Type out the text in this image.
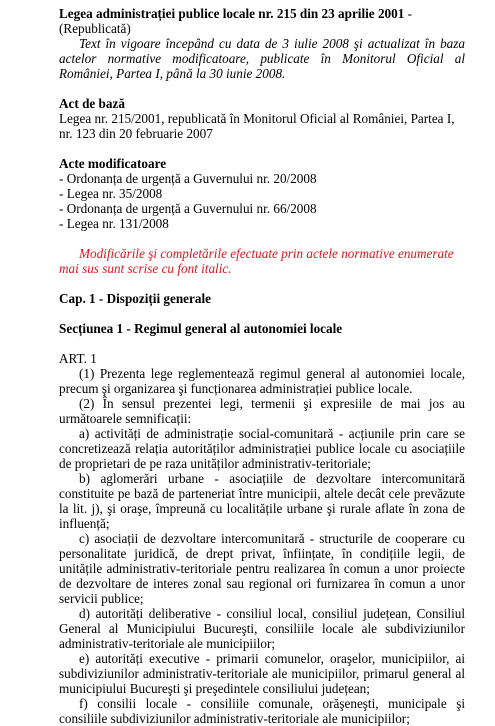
Legea administrației publice locale nr. 215 din 23 aprilie 2001 - (Republicată)

Text în vigoare începând cu data de 3 iulie 2008 şi actualizat în baza actelor normative modificatoare, publicate în Monitorul Oficial al României, Partea I, până la 30 iunie 2008.

Act de bază

Legea nr. 215/2001, republicată în Monitorul Oficial al României, Partea I, nr. 123 din 20 februarie 2007

Acte modificatoare

- Ordonanța de urgență a Guvernului nr. 20/2008

- Legea nr. 35/2008

- Ordonanța de urgență a Guvernului nr. 66/2008

- Legea nr. 131/2008

Modificările şi completările efectuate prin actele normative enumerate mai sus sunt scrise cu font italic.

Cap. 1 - Dispoziții generale

Secțiunea 1 - Regimul general al autonomiei locale

ART. 1

(1) Prezenta lege reglementează regimul general al autonomiei locale, precum şi organizarea şi funcționarea administrației publice locale.

(2) În sensul prezentei legi, termenii şi expresiile de mai jos au următoarele semnificații:

a) activități de administrație social-comunitară - acțiunile prin care se concretizează relația autorităților administrației publice locale cu asociațiile de proprietari de pe raza unităților administrativ-teritoriale;

b) aglomerări urbane - asociațiile de dezvoltare intercomunitară constituite pe bază de parteneriat între municipii, altele decât cele prevăzute la lit. j), şi oraşe, împreună cu localitățile urbane şi rurale aflate în zona de influență;

c) asociații de dezvoltare intercomunitară - structurile de cooperare cu personalitate juridică, de drept privat, înființate, în condițiile legii, de unitățile administrativ-teritoriale pentru realizarea în comun a unor proiecte de dezvoltare de interes zonal sau regional ori furnizarea în comun a unor servicii publice;

d) autorități deliberative - consiliul local, consiliul județean, Consiliul General al Municipiului Bucureşti, consiliile locale ale subdiviziunilor administrativ-teritoriale ale municipiilor;

e) autorități executive - primarii comunelor, oraşelor, municipiilor, ai subdiviziunilor administrativ-teritoriale ale municipiilor, primarul general al municipiului Bucureşti şi preşedintele consiliului județean;

f) consilii locale - consiliile comunale, orăşeneşti, municipale şi consiliile subdiviziunilor administrativ-teritoriale ale municipiilor;
